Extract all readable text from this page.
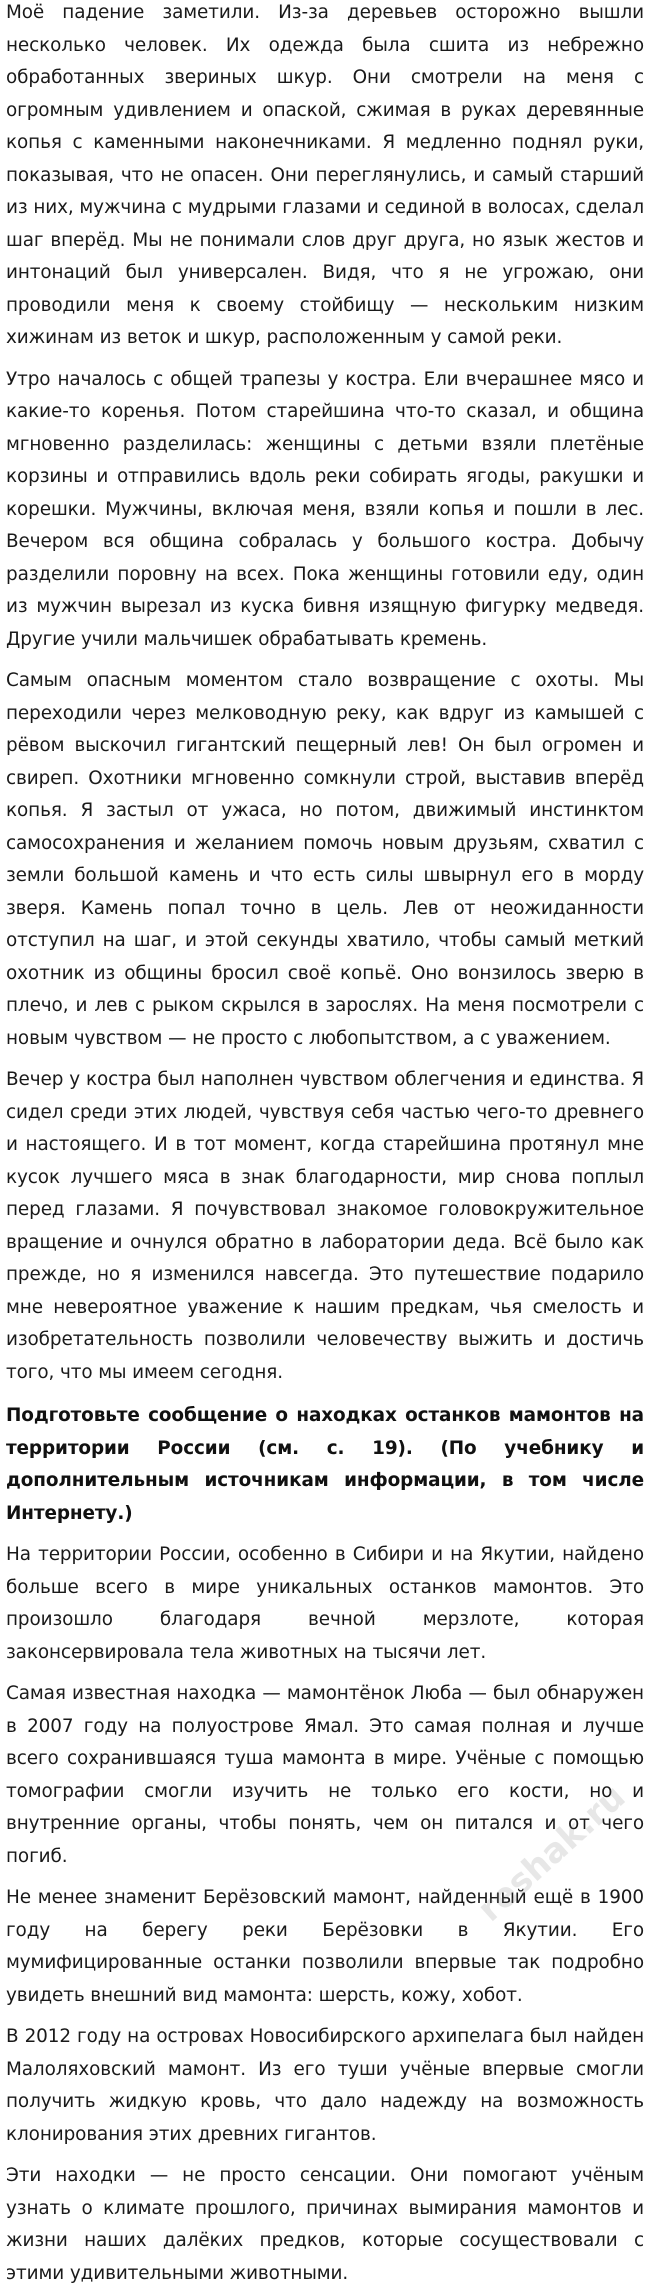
Моё падение заметили. Из-за деревьев осторожно вышли несколько человек. Их одежда была сшита из небрежно обработанных звериных шкур. Они смотрели на меня с огромным удивлением и опаской, сжимая в руках деревянные копья с каменными наконечниками. Я медленно поднял руки, показывая, что не опасен. Они переглянулись, и самый старший из них, мужчина с мудрыми глазами и сединой в волосах, сделал шаг вперёд. Мы не понимали слов друг друга, но язык жестов и интонаций был универсален. Видя, что я не угрожаю, они проводили меня к своему стойбищу — нескольким низким хижинам из веток и шкур, расположенным у самой реки.

Утро началось с общей трапезы у костра. Ели вчерашнее мясо и какие-то коренья. Потом старейшина что-то сказал, и община мгновенно разделилась: женщины с детьми взяли плетёные корзины и отправились вдоль реки собирать ягоды, ракушки и корешки. Мужчины, включая меня, взяли копья и пошли в лес. Вечером вся община собралась у большого костра. Добычу разделили поровну на всех. Пока женщины готовили еду, один из мужчин вырезал из куска бивня изящную фигурку медведя. Другие учили мальчишек обрабатывать кремень.

Самым опасным моментом стало возвращение с охоты. Мы переходили через мелководную реку, как вдруг из камышей с рёвом выскочил гигантский пещерный лев! Он был огромен и свиреп. Охотники мгновенно сомкнули строй, выставив вперёд копья. Я застыл от ужаса, но потом, движимый инстинктом самосохранения и желанием помочь новым друзьям, схватил с земли большой камень и что есть силы швырнул его в морду зверя. Камень попал точно в цель. Лев от неожиданности отступил на шаг, и этой секунды хватило, чтобы самый меткий охотник из общины бросил своё копьё. Оно вонзилось зверю в плечо, и лев с рыком скрылся в зарослях. На меня посмотрели с новым чувством — не просто с любопытством, а с уважением.

Вечер у костра был наполнен чувством облегчения и единства. Я сидел среди этих людей, чувствуя себя частью чего-то древнего и настоящего. И в тот момент, когда старейшина протянул мне кусок лучшего мяса в знак благодарности, мир снова поплыл перед глазами. Я почувствовал знакомое головокружительное вращение и очнулся обратно в лаборатории деда. Всё было как прежде, но я изменился навсегда. Это путешествие подарило мне невероятное уважение к нашим предкам, чья смелость и изобретательность позволили человечеству выжить и достичь того, что мы имеем сегодня.

Подготовьте сообщение о находках останков мамонтов на территории России (см. с. 19). (По учебнику и дополнительным источникам информации, в том числе Интернету.)

На территории России, особенно в Сибири и на Якутии, найдено больше всего в мире уникальных останков мамонтов. Это произошло благодаря вечной мерзлоте, которая законсервировала тела животных на тысячи лет.

Самая известная находка — мамонтёнок Люба — был обнаружен в 2007 году на полуострове Ямал. Это самая полная и лучше всего сохранившаяся туша мамонта в мире. Учёные с помощью томографии смогли изучить не только его кости, но и внутренние органы, чтобы понять, чем он питался и от чего погиб.

Не менее знаменит Берёзовский мамонт, найденный ещё в 1900 году на берегу реки Берёзовки в Якутии. Его мумифицированные останки позволили впервые так подробно увидеть внешний вид мамонта: шерсть, кожу, хобот.

В 2012 году на островах Новосибирского архипелага был найден Малоляховский мамонт. Из его туши учёные впервые смогли получить жидкую кровь, что дало надежду на возможность клонирования этих древних гигантов.

Эти находки — не просто сенсации. Они помогают учёным узнать о климате прошлого, причинах вымирания мамонтов и жизни наших далёких предков, которые сосуществовали с этими удивительными животными.

reshak.ru
